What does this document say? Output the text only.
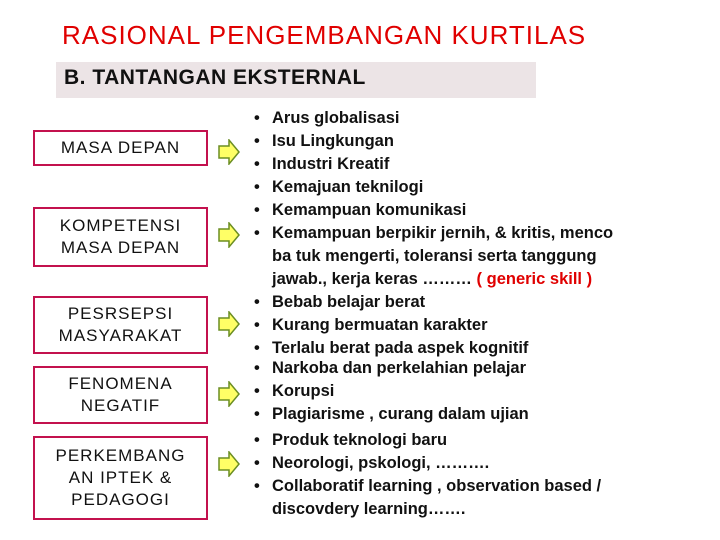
RASIONAL PENGEMBANGAN KURTILAS
B. TANTANGAN EKSTERNAL
MASA DEPAN
KOMPETENSI
MASA DEPAN
PESRSEPSI
MASYARAKAT
FENOMENA
NEGATIF
PERKEMBANG
AN IPTEK &
PEDAGOGI
• Arus globalisasi
• Isu Lingkungan
• Industri Kreatif
• Kemajuan teknilogi
• Kemampuan komunikasi
• Kemampuan berpikir jernih, & kritis, menco
ba tuk mengerti, toleransi serta tanggung
jawab., kerja keras ……… ( generic skill )
• Bebab belajar berat
• Kurang bermuatan karakter
• Terlalu berat pada aspek kognitif
• Narkoba dan perkelahian pelajar
• Korupsi
• Plagiarisme , curang dalam ujian
• Produk teknologi baru
• Neorologi, pskologi, ……….
• Collaboratif learning , observation based /
discovdery learning…….
